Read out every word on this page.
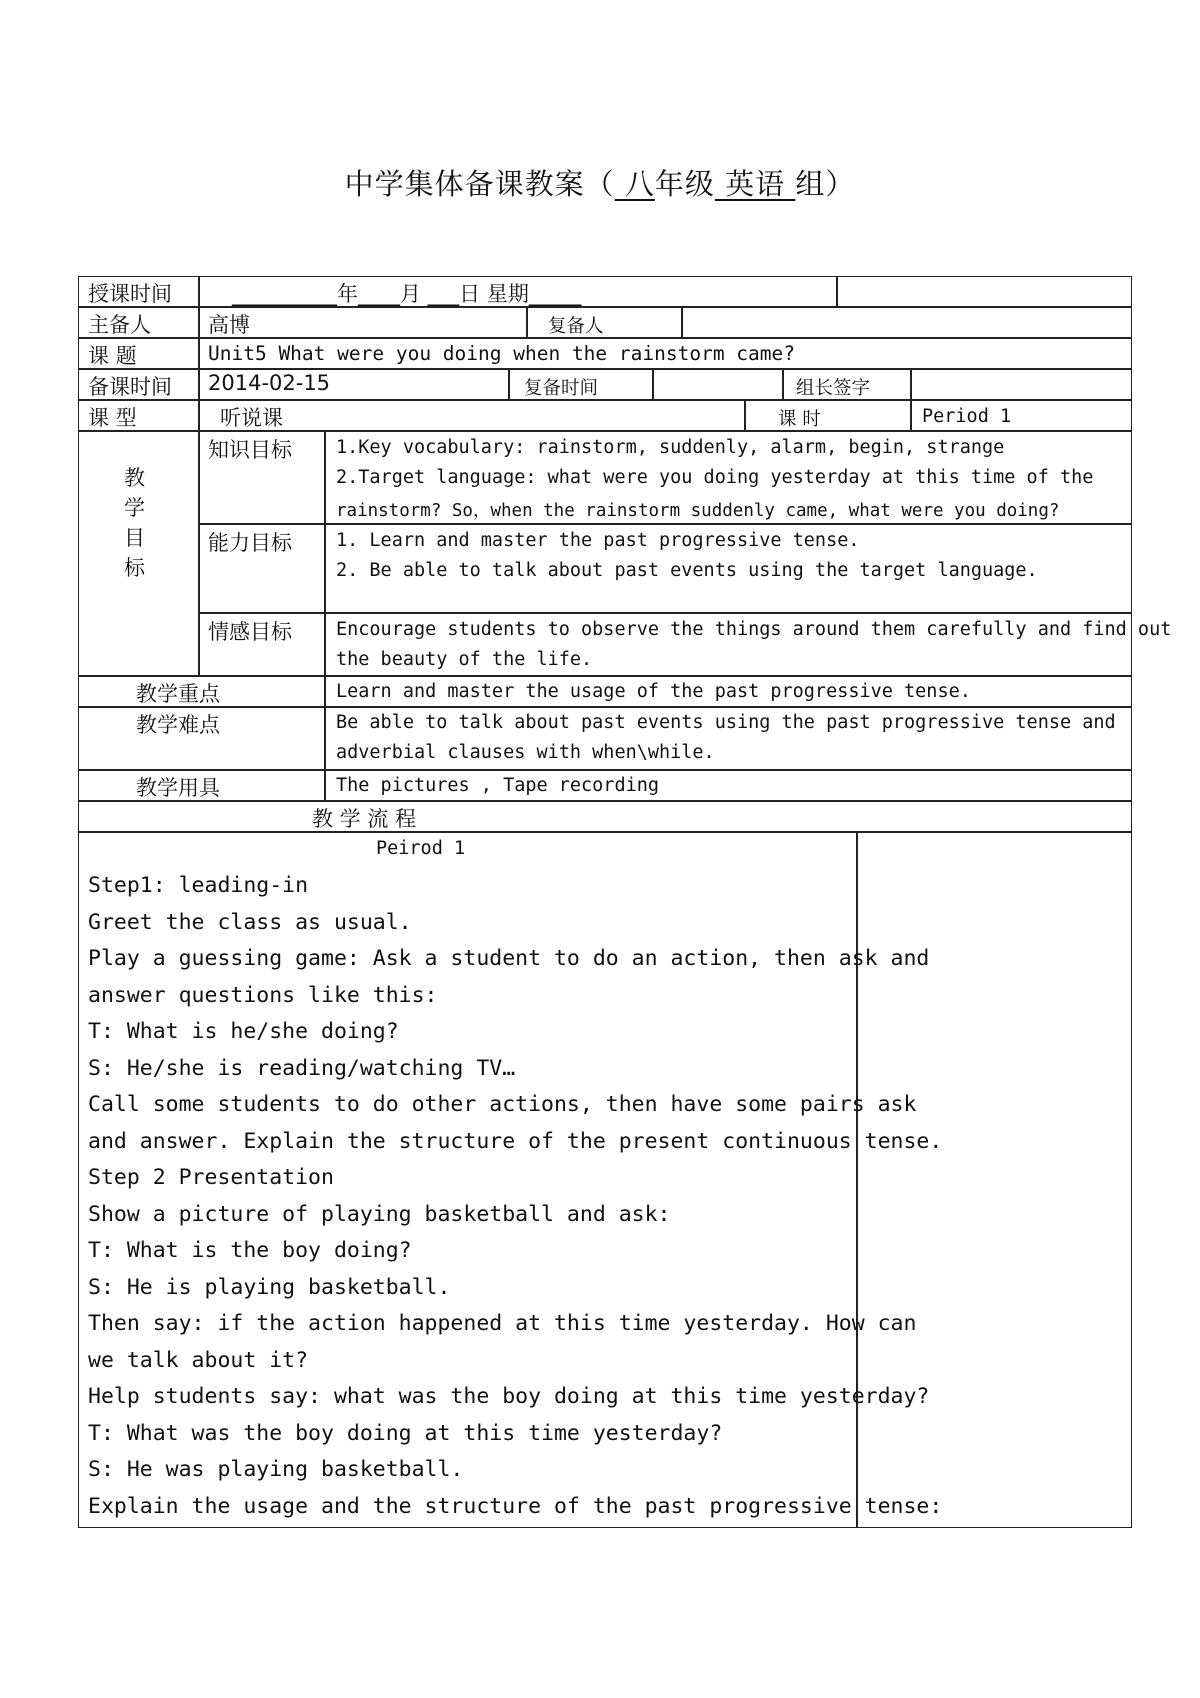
中学集体备课教案（ 八年级 英语 组）
授课时间	__________年____月 ___日 星期_____
主备人	高博	复备人
课 题	Unit5 What were you doing when the rainstorm came?
备课时间 2014-02-15	复备时间	组长签字
课 型	听说课	课 时	Period 1
教
学
目
标
知识目标 1.Key vocabulary: rainstorm, suddenly, alarm, begin, strange
2.Target language: what were you doing yesterday at this time of the
rainstorm? So，when the rainstorm suddenly came, what were you doing?
能力目标 1. Learn and master the past progressive tense.
2. Be able to talk about past events using the target language.
情感目标 Encourage students to observe the things around them carefully and find out
the beauty of the life.
教学重点	Learn and master the usage of the past progressive tense.
教学难点	Be able to talk about past events using the past progressive tense and
adverbial clauses with when\while.
教学用具	The pictures , Tape recording
教 学 流 程
Peirod 1
Step1: leading-in
Greet the class as usual.
Play a guessing game: Ask a student to do an action, then ask and
answer questions like this:
T: What is he/she doing?
S: He/she is reading/watching TV…
Call some students to do other actions, then have some pairs ask
and answer. Explain the structure of the present continuous tense.
Step 2 Presentation
Show a picture of playing basketball and ask:
T: What is the boy doing?
S: He is playing basketball.
Then say: if the action happened at this time yesterday. How can
we talk about it?
Help students say: what was the boy doing at this time yesterday?
T: What was the boy doing at this time yesterday?
S: He was playing basketball.
Explain the usage and the structure of the past progressive tense:
